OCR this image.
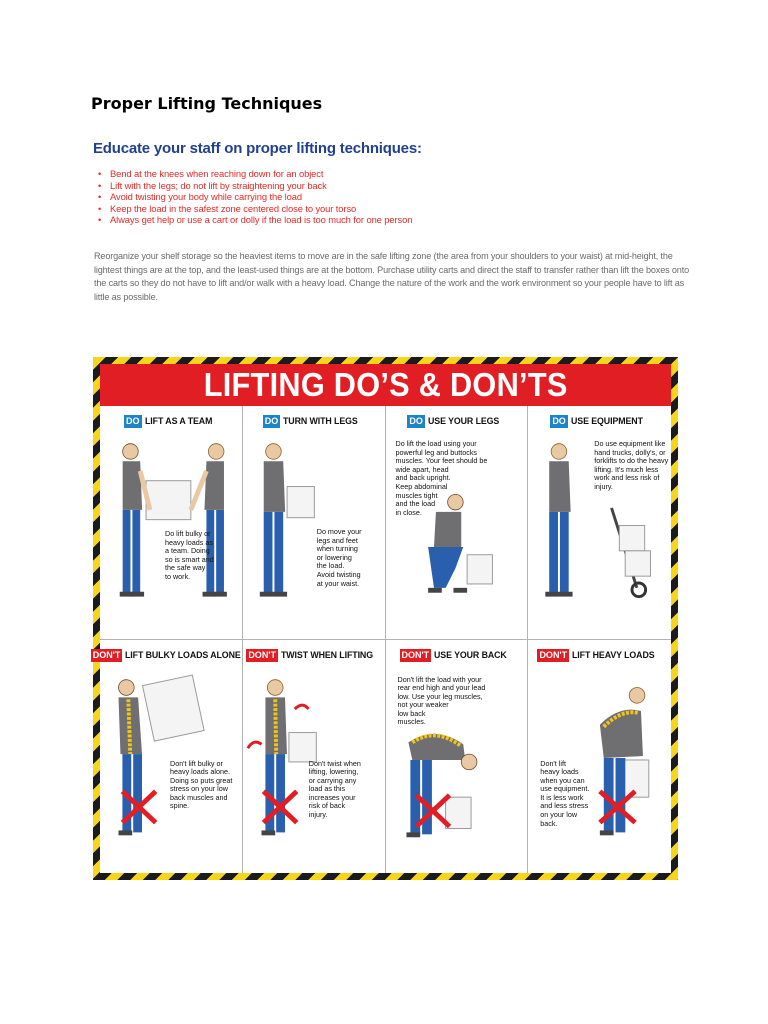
Proper Lifting Techniques
Educate your staff on proper lifting techniques:
• Bend at the knees when reaching down for an object
• Lift with the legs; do not lift by straightening your back
• Avoid twisting your body while carrying the load
• Keep the load in the safest zone centered close to your torso
• Always get help or use a cart or dolly if the load is too much for one person

Reorganize your shelf storage so the heaviest items to move are in the safe lifting zone (the area from your shoulders to your waist) at mid-height, the lightest things are at the top, and the least-used things are at the bottom. Purchase utility carts and direct the staff to transfer rather than lift the boxes onto the carts so they do not have to lift and/or walk with a heavy load. Change the nature of the work and the work environment so your people have to lift as little as possible.

LIFTING DO’S & DON’TS
DO LIFT AS A TEAM

Do lift bulky or
heavy loads as
a team. Doing
so is smart and
the safe way
to work.

DO TURN WITH LEGS

Do move your
legs and feet
when turning
or lowering
the load.
Avoid twisting
at your waist.

DO USE YOUR LEGS

Do lift the load using your
powerful leg and buttocks
muscles. Your feet should be
wide apart, head
and back upright.
Keep abdominal
muscles tight
and the load
in close.

DO USE EQUIPMENT

Do use equipment like
hand trucks, dolly's, or
forklifts to do the heavy
lifting. It's much less
work and less risk of injury.

DON'T LIFT BULKY LOADS ALONE

Don't lift bulky or
heavy loads alone.
Doing so puts great
stress on your low
back muscles and
spine.

DON'T TWIST WHEN LIFTING

Don't twist when
lifting, lowering,
or carrying any
load as this
increases your
risk of back
injury.

DON'T USE YOUR BACK

Don't lift the load with your
rear end high and your lead
low. Use your leg muscles,
not your weaker
low back
muscles.

DON'T LIFT HEAVY LOADS

Don't lift
heavy loads
when you can
use equipment.
It is less work
and less stress
on your low
back.
